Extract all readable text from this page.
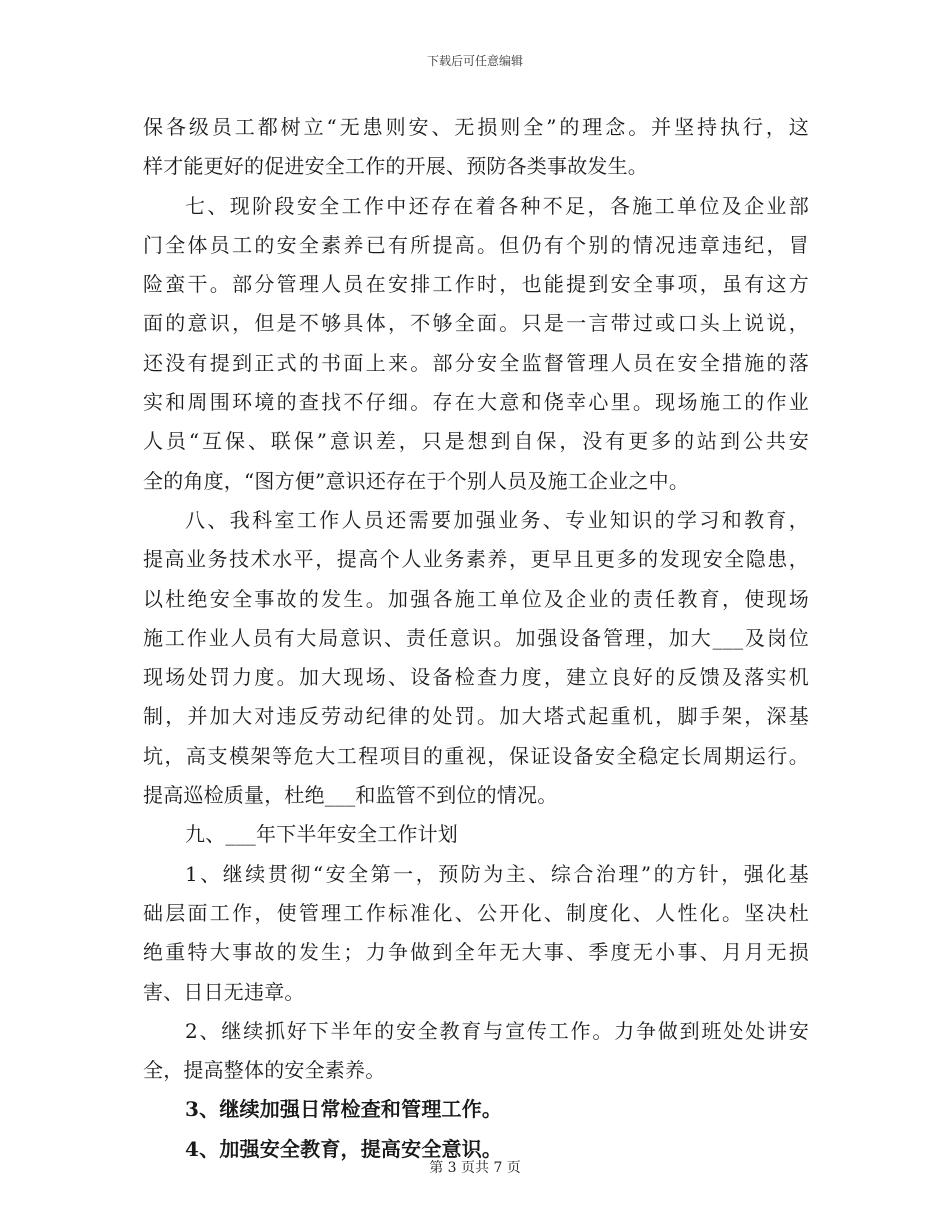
下载后可任意编辑
保各级员工都树立“无患则安、无损则全”的理念。并坚持执行，这
样才能更好的促进安全工作的开展、预防各类事故发生。
七、现阶段安全工作中还存在着各种不足，各施工单位及企业部
门全体员工的安全素养已有所提高。但仍有个别的情况违章违纪，冒
险蛮干。部分管理人员在安排工作时，也能提到安全事项，虽有这方
面的意识，但是不够具体，不够全面。只是一言带过或口头上说说，
还没有提到正式的书面上来。部分安全监督管理人员在安全措施的落
实和周围环境的查找不仔细。存在大意和侥幸心里。现场施工的作业
人员“互保、联保”意识差，只是想到自保，没有更多的站到公共安
全的角度，“图方便”意识还存在于个别人员及施工企业之中。
八、我科室工作人员还需要加强业务、专业知识的学习和教育，
提高业务技术水平，提高个人业务素养，更早且更多的发现安全隐患，
以杜绝安全事故的发生。加强各施工单位及企业的责任教育，使现场
施工作业人员有大局意识、责任意识。加强设备管理，加大___及岗位
现场处罚力度。加大现场、设备检查力度，建立良好的反馈及落实机
制，并加大对违反劳动纪律的处罚。加大塔式起重机，脚手架，深基
坑，高支模架等危大工程项目的重视，保证设备安全稳定长周期运行。
提高巡检质量，杜绝___和监管不到位的情况。
九、___年下半年安全工作计划
1、继续贯彻“安全第一，预防为主、综合治理”的方针，强化基
础层面工作，使管理工作标准化、公开化、制度化、人性化。坚决杜
绝重特大事故的发生；力争做到全年无大事、季度无小事、月月无损
害、日日无违章。
2、继续抓好下半年的安全教育与宣传工作。力争做到班处处讲安
全，提高整体的安全素养。
3、继续加强日常检查和管理工作。
4、加强安全教育，提高安全意识。
第 3 页共 7 页
